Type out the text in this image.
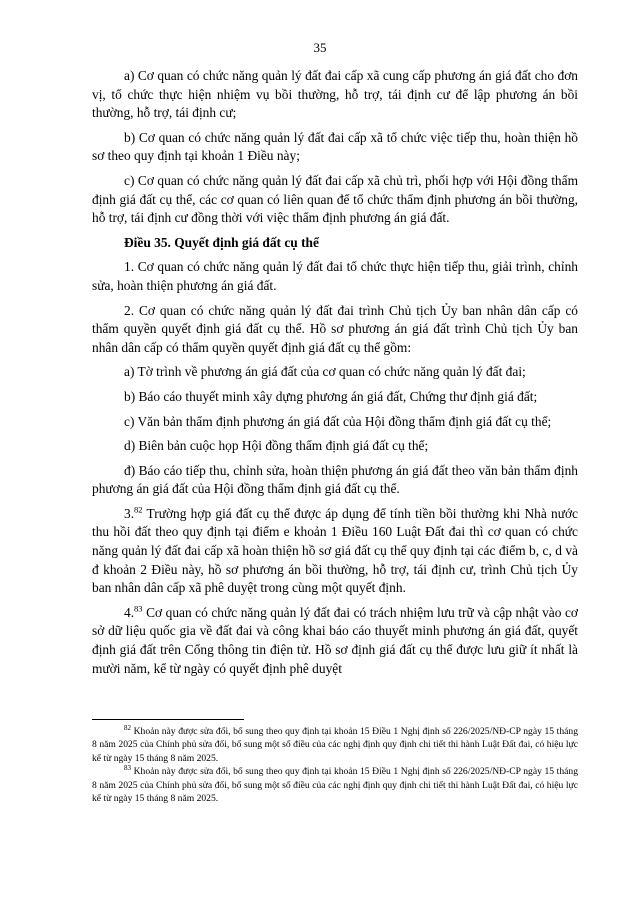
35

a) Cơ quan có chức năng quản lý đất đai cấp xã cung cấp phương án giá đất cho đơn vị, tổ chức thực hiện nhiệm vụ bồi thường, hỗ trợ, tái định cư để lập phương án bồi thường, hỗ trợ, tái định cư;

b) Cơ quan có chức năng quản lý đất đai cấp xã tổ chức việc tiếp thu, hoàn thiện hồ sơ theo quy định tại khoản 1 Điều này;

c) Cơ quan có chức năng quản lý đất đai cấp xã chủ trì, phối hợp với Hội đồng thẩm định giá đất cụ thể, các cơ quan có liên quan để tổ chức thẩm định phương án bồi thường, hỗ trợ, tái định cư đồng thời với việc thẩm định phương án giá đất.

Điều 35. Quyết định giá đất cụ thể

1. Cơ quan có chức năng quản lý đất đai tổ chức thực hiện tiếp thu, giải trình, chỉnh sửa, hoàn thiện phương án giá đất.

2. Cơ quan có chức năng quản lý đất đai trình Chủ tịch Ủy ban nhân dân cấp có thẩm quyền quyết định giá đất cụ thể. Hồ sơ phương án giá đất trình Chủ tịch Ủy ban nhân dân cấp có thẩm quyền quyết định giá đất cụ thể gồm:

a) Tờ trình về phương án giá đất của cơ quan có chức năng quản lý đất đai;

b) Báo cáo thuyết minh xây dựng phương án giá đất, Chứng thư định giá đất;

c) Văn bản thẩm định phương án giá đất của Hội đồng thẩm định giá đất cụ thể;

d) Biên bản cuộc họp Hội đồng thẩm định giá đất cụ thể;

đ) Báo cáo tiếp thu, chỉnh sửa, hoàn thiện phương án giá đất theo văn bản thẩm định phương án giá đất của Hội đồng thẩm định giá đất cụ thể.

3.82 Trường hợp giá đất cụ thể được áp dụng để tính tiền bồi thường khi Nhà nước thu hồi đất theo quy định tại điểm e khoản 1 Điều 160 Luật Đất đai thì cơ quan có chức năng quản lý đất đai cấp xã hoàn thiện hồ sơ giá đất cụ thể quy định tại các điểm b, c, d và đ khoản 2 Điều này, hồ sơ phương án bồi thường, hỗ trợ, tái định cư, trình Chủ tịch Ủy ban nhân dân cấp xã phê duyệt trong cùng một quyết định.

4.83 Cơ quan có chức năng quản lý đất đai có trách nhiệm lưu trữ và cập nhật vào cơ sở dữ liệu quốc gia về đất đai và công khai báo cáo thuyết minh phương án giá đất, quyết định giá đất trên Cổng thông tin điện tử. Hồ sơ định giá đất cụ thể được lưu giữ ít nhất là mười năm, kể từ ngày có quyết định phê duyệt

$^{82}$ Khoản này được sửa đổi, bổ sung theo quy định tại khoản 15 Điều 1 Nghị định số 226/2025/NĐ-CP ngày 15 tháng 8 năm 2025 của Chính phủ sửa đổi, bổ sung một số điều của các nghị định quy định chi tiết thi hành Luật Đất đai, có hiệu lực kể từ ngày 15 tháng 8 năm 2025.

$^{83}$ Khoản này được sửa đổi, bổ sung theo quy định tại khoản 15 Điều 1 Nghị định số 226/2025/NĐ-CP ngày 15 tháng 8 năm 2025 của Chính phủ sửa đổi, bổ sung một số điều của các nghị định quy định chi tiết thi hành Luật Đất đai, có hiệu lực kể từ ngày 15 tháng 8 năm 2025.
